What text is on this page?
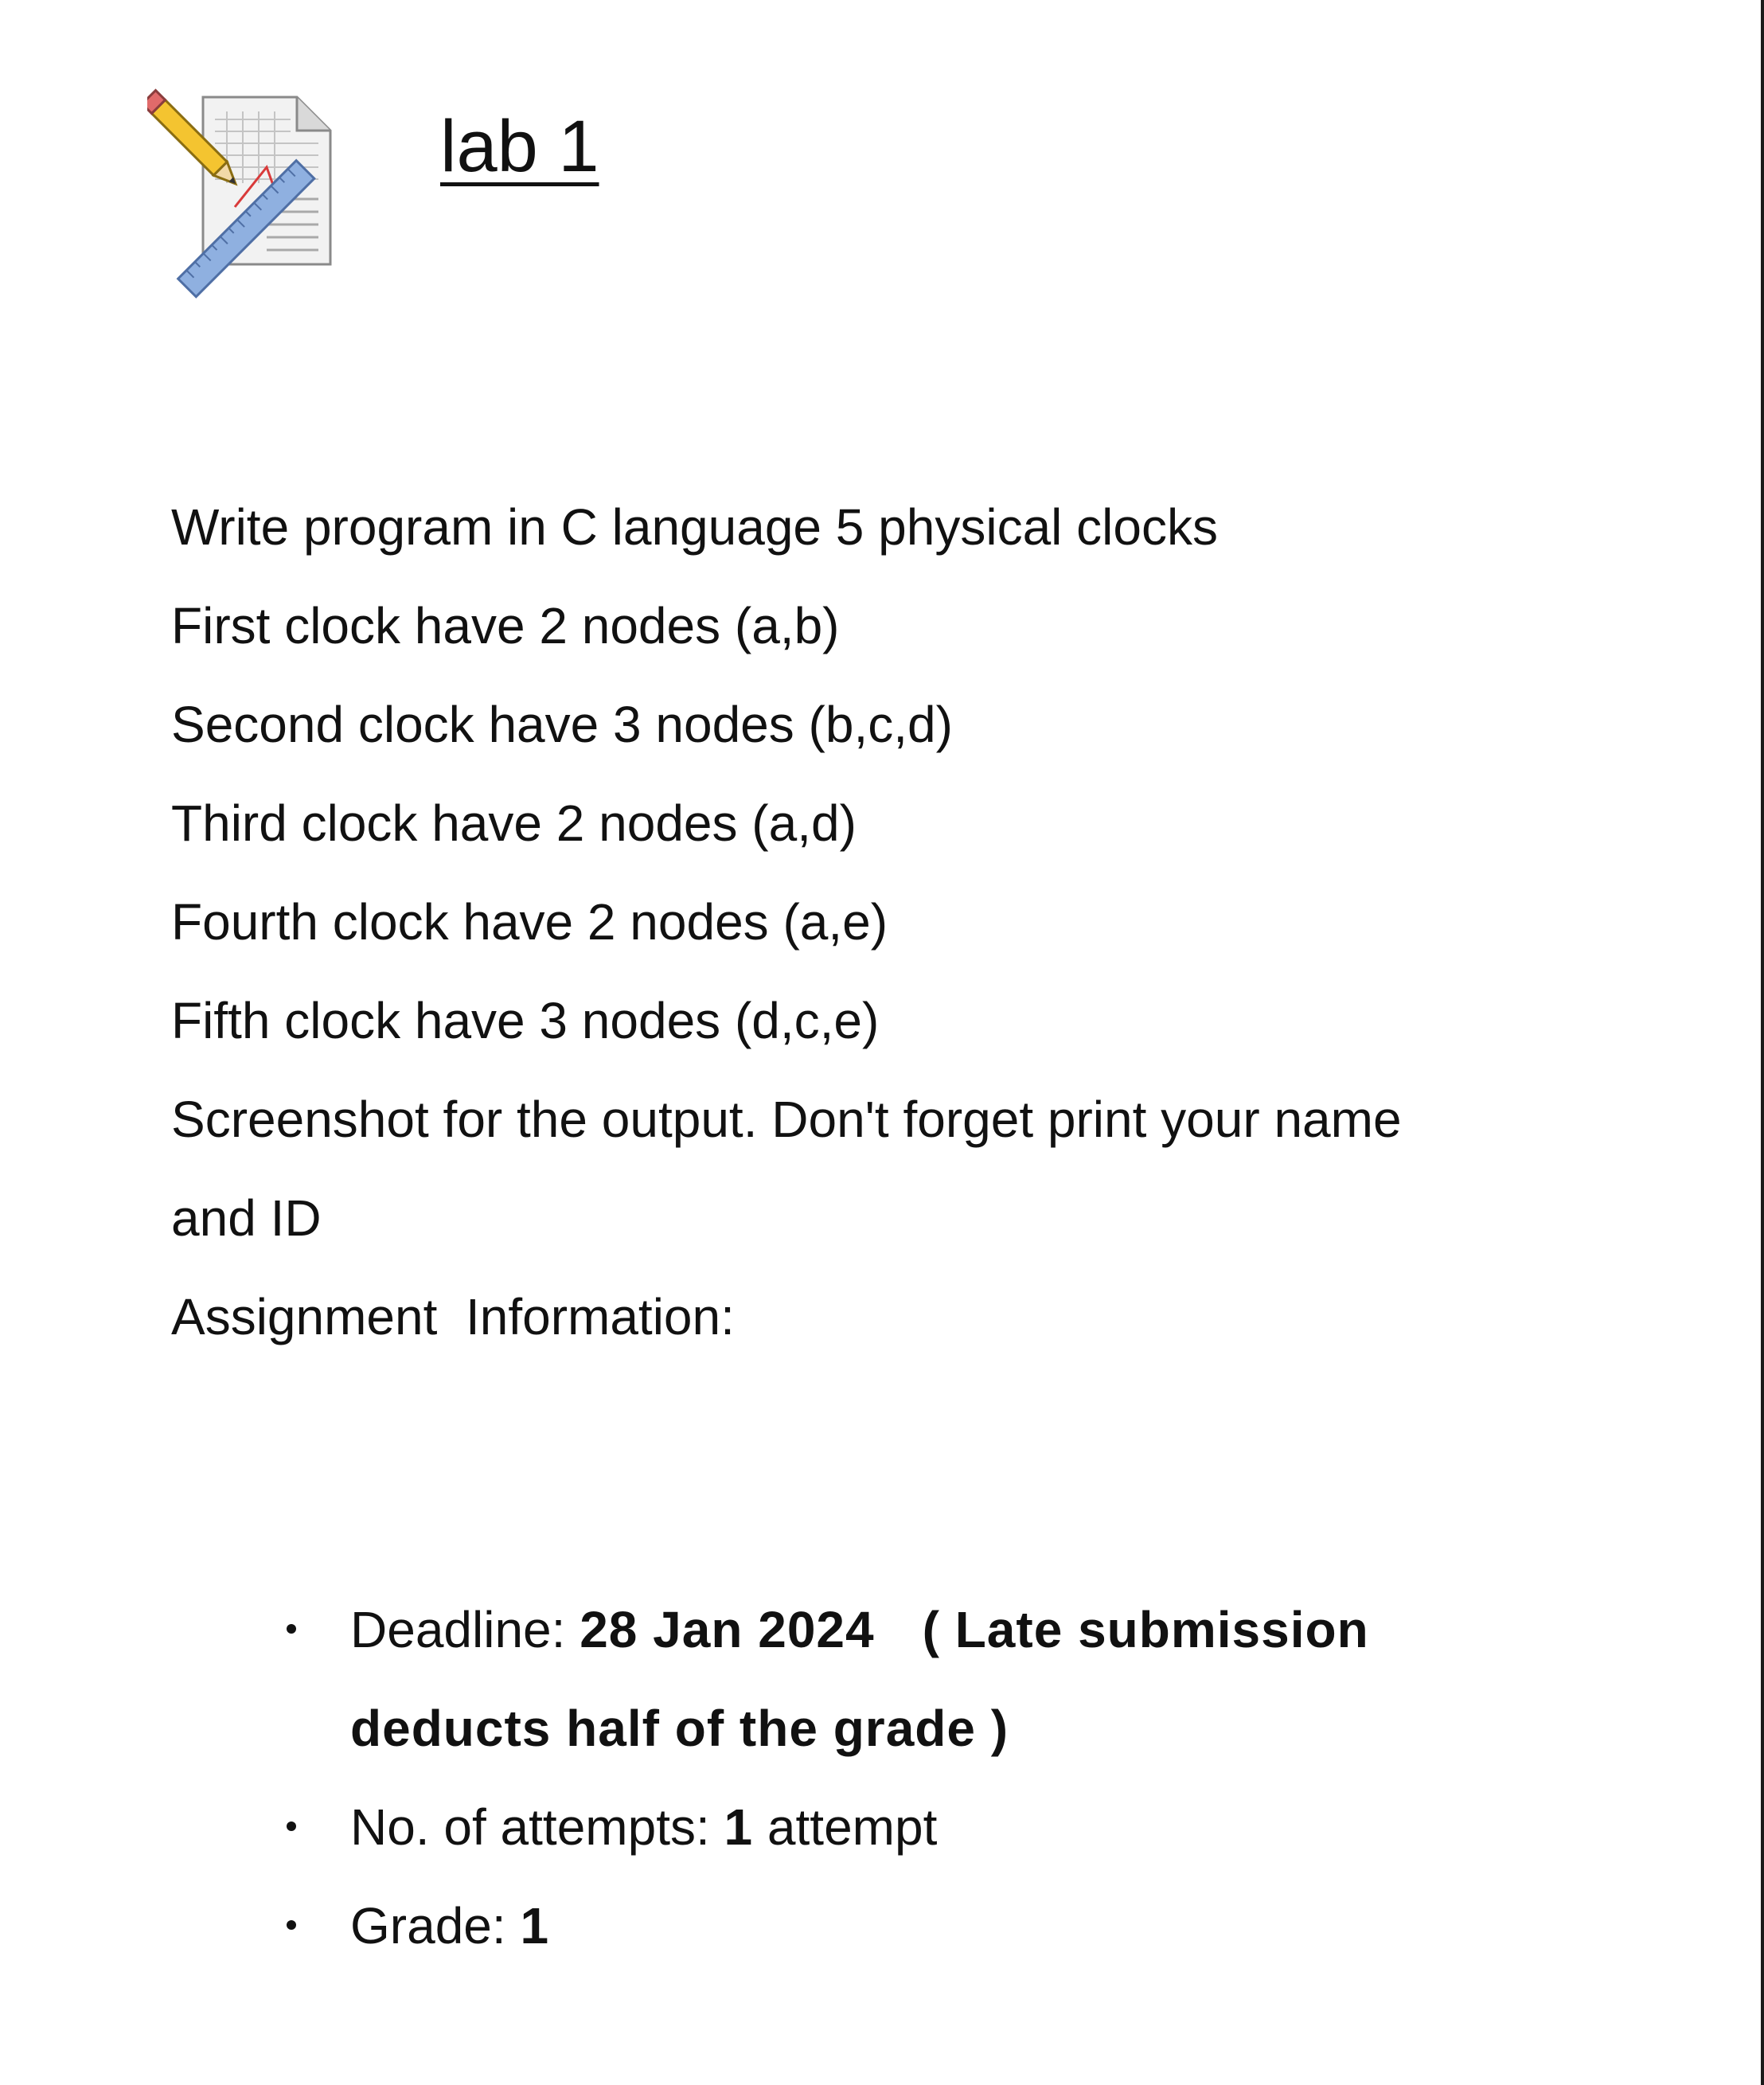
lab 1

Write program in C language 5 physical clocks

First clock have 2 nodes (a,b)

Second clock have 3 nodes (b,c,d)

Third clock have 2 nodes (a,d)

Fourth clock have 2 nodes (a,e)

Fifth clock have 3 nodes (d,c,e)

Screenshot for the output. Don't forget print your name

and ID

Assignment  Information:

Deadline: 28 Jan 2024 ( Late submission
deducts half of the grade )
No. of attempts: 1 attempt
Grade: 1
